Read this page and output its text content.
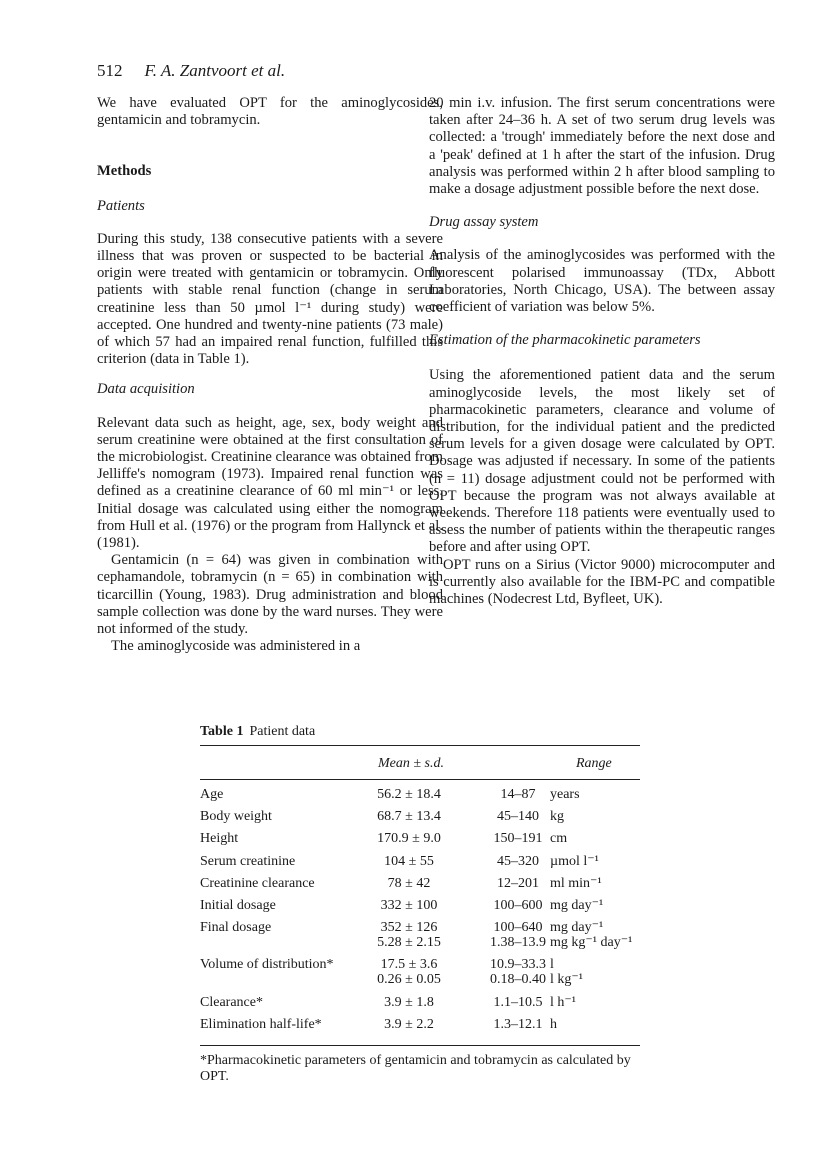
512 F. A. Zantvoort et al.

We have evaluated OPT for the aminoglycosides, gentamicin and tobramycin.

Methods
Patients

During this study, 138 consecutive patients with a severe illness that was proven or suspected to be bacterial in origin were treated with gentamicin or tobramycin. Only patients with stable renal function (change in serum creatinine less than 50 µmol l⁻¹ during study) were accepted. One hundred and twenty-nine patients (73 male) of which 57 had an impaired renal function, fulfilled this criterion (data in Table 1).

Data acquisition

Relevant data such as height, age, sex, body weight and serum creatinine were obtained at the first consultation of the microbiologist. Creatinine clearance was obtained from Jelliffe's nomogram (1973). Impaired renal function was defined as a creatinine clearance of 60 ml min⁻¹ or less. Initial dosage was calculated using either the nomogram from Hull et al. (1976) or the program from Hallynck et al. (1981).

Gentamicin (n = 64) was given in combination with cephamandole, tobramycin (n = 65) in combination with ticarcillin (Young, 1983). Drug administration and blood sample collection was done by the ward nurses. They were not informed of the study.

The aminoglycoside was administered in a

20 min i.v. infusion. The first serum concentrations were taken after 24–36 h. A set of two serum drug levels was collected: a 'trough' immediately before the next dose and a 'peak' defined at 1 h after the start of the infusion. Drug analysis was performed within 2 h after blood sampling to make a dosage adjustment possible before the next dose.

Drug assay system

Analysis of the aminoglycosides was performed with the fluorescent polarised immunoassay (TDx, Abbott Laboratories, North Chicago, USA). The between assay coefficient of variation was below 5%.

Estimation of the pharmacokinetic parameters

Using the aforementioned patient data and the serum aminoglycoside levels, the most likely set of pharmacokinetic parameters, clearance and volume of distribution, for the individual patient and the predicted serum levels for a given dosage were calculated by OPT. Dosage was adjusted if necessary. In some of the patients (n = 11) dosage adjustment could not be performed with OPT because the program was not always available at weekends. Therefore 118 patients were eventually used to assess the number of patients within the therapeutic ranges before and after using OPT.

OPT runs on a Sirius (Victor 9000) microcomputer and is currently also available for the IBM-PC and compatible machines (Nodecrest Ltd, Byfleet, UK).

Table 1 Patient data
Mean ± s.d.	Range
Age	56.2 ± 18.4	14–87	years
Body weight	68.7 ± 13.4	45–140 kg
Height	170.9 ± 9.0	150–191 cm
Serum creatinine	104 ± 55	45–320 µmol l⁻¹
Creatinine clearance	78 ± 42	12–201 ml min⁻¹
Initial dosage	332 ± 100	100–600 mg day⁻¹
Final dosage	352 ± 126	100–640 mg day⁻¹
5.28 ± 2.15	1.38–13.9 mg kg⁻¹ day⁻¹
Volume of distribution*	17.5 ± 3.6	10.9–33.3 l
0.26 ± 0.05	0.18–0.40 l kg⁻¹
Clearance*	3.9 ± 1.8	1.1–10.5 l h⁻¹
Elimination half-life*	3.9 ± 2.2	1.3–12.1 h
*Pharmacokinetic parameters of gentamicin and tobramycin as calculated by OPT.
